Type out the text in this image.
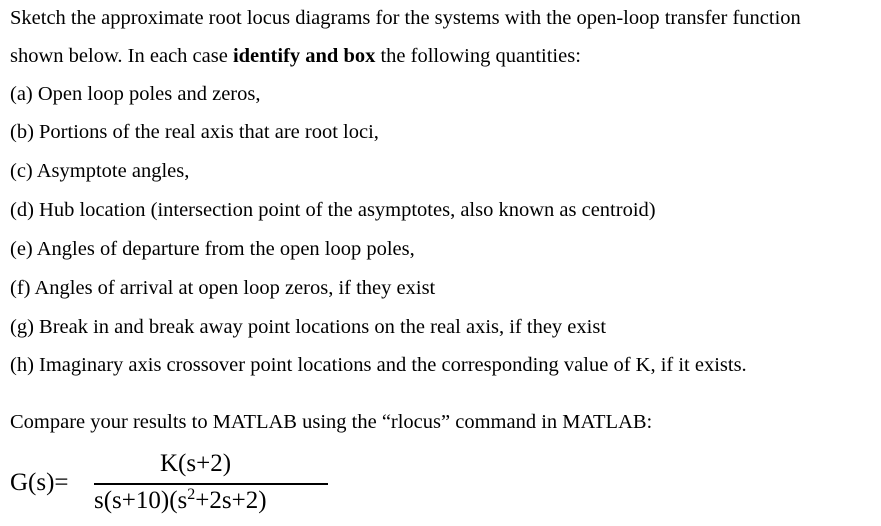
Sketch the approximate root locus diagrams for the systems with the open-loop transfer function
shown below. In each case identify and box the following quantities:
(a) Open loop poles and zeros,
(b) Portions of the real axis that are root loci,
(c) Asymptote angles,
(d) Hub location (intersection point of the asymptotes, also known as centroid)
(e) Angles of departure from the open loop poles,
(f) Angles of arrival at open loop zeros, if they exist
(g) Break in and break away point locations on the real axis, if they exist
(h) Imaginary axis crossover point locations and the corresponding value of K, if it exists.
Compare your results to MATLAB using the “rlocus” command in MATLAB:
G(s)=
K(s+2)
$s(s+10)(s^2+2s+2)$
